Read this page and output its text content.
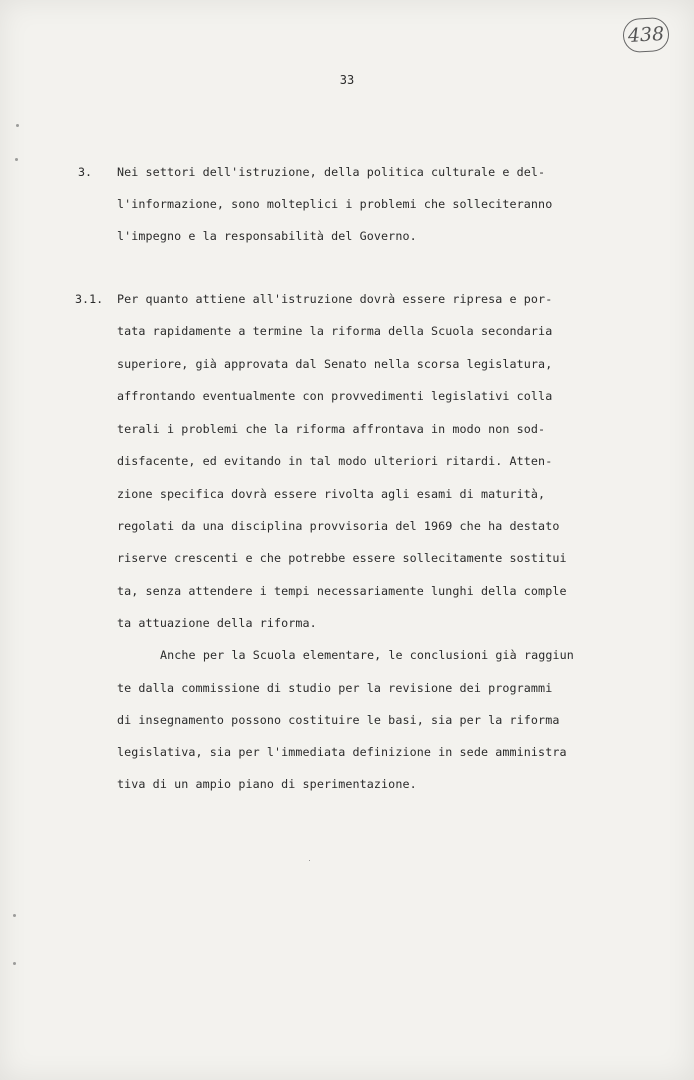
438
33
3. Nei settori dell'istruzione, della politica culturale e del-
l'informazione, sono molteplici i problemi che solleciteranno
l'impegno e la responsabilità del Governo.
3.1. Per quanto attiene all'istruzione dovrà essere ripresa e por-
tata rapidamente a termine la riforma della Scuola secondaria
superiore, già approvata dal Senato nella scorsa legislatura,
affrontando eventualmente con provvedimenti legislativi colla
terali i problemi che la riforma affrontava in modo non sod-
disfacente, ed evitando in tal modo ulteriori ritardi. Atten-
zione specifica dovrà essere rivolta agli esami di maturità,
regolati da una disciplina provvisoria del 1969 che ha destato
riserve crescenti e che potrebbe essere sollecitamente sostitui
ta, senza attendere i tempi necessariamente lunghi della comple
ta attuazione della riforma.
Anche per la Scuola elementare, le conclusioni già raggiun
te dalla commissione di studio per la revisione dei programmi
di insegnamento possono costituire le basi, sia per la riforma
legislativa, sia per l'immediata definizione in sede amministra
tiva di un ampio piano di sperimentazione.
